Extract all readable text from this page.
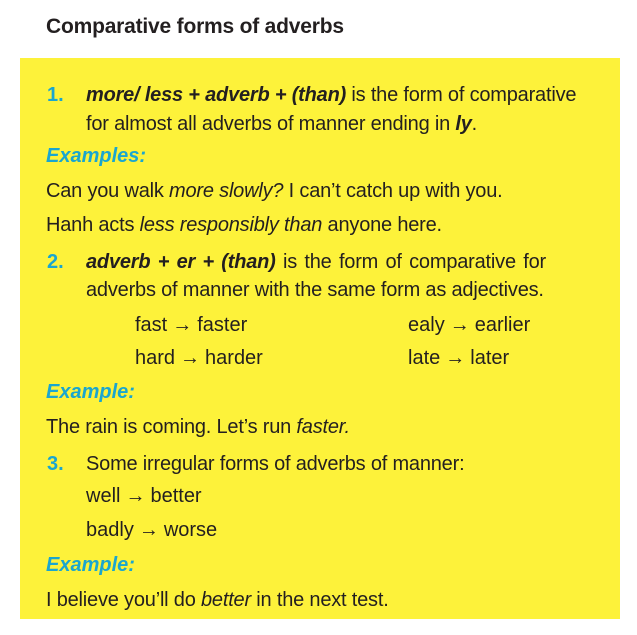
Comparative forms of adverbs
1. more/ less + adverb + (than) is the form of comparative
for almost all adverbs of manner ending in ly.
Examples:
Can you walk more slowly? I can’t catch up with you.
Hanh acts less responsibly than anyone here.
2. adverb + er + (than) is the form of comparative for
adverbs of manner with the same form as adjectives.
fast → faster	ealy → earlier
hard → harder	late → later
Example:
The rain is coming. Let’s run faster.
3. Some irregular forms of adverbs of manner:
well → better
badly → worse
Example:
I believe you’ll do better in the next test.
